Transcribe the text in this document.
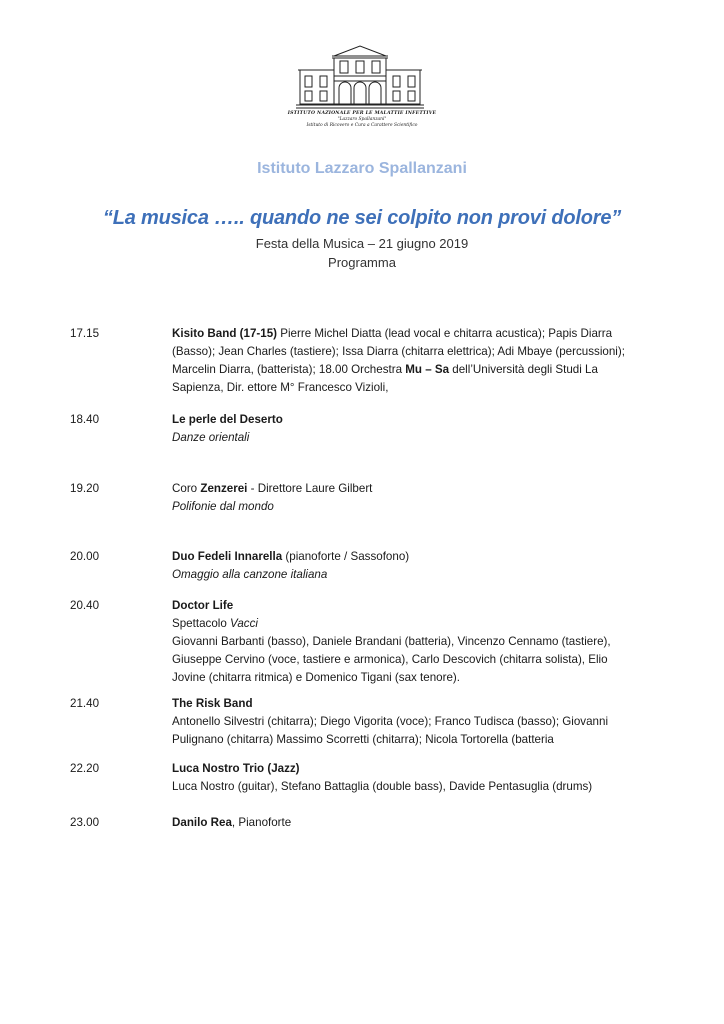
ISTITUTO NAZIONALE PER LE MALATTIE INFETTIVE
"Lazzaro Spallanzani"
Istituto di Ricovero e Cura a Carattere Scientifico
Istituto Lazzaro Spallanzani
“La musica ….. quando ne sei colpito non provi dolore”
Festa della Musica – 21 giugno 2019
Programma
17.15	Kisito Band (17-15) Pierre Michel Diatta (lead vocal e chitarra acustica); Papis Diarra
(Basso); Jean Charles (tastiere); Issa Diarra (chitarra elettrica); Adi Mbaye (percussioni);
Marcelin Diarra, (batterista); 18.00 Orchestra Mu – Sa dell’Università degli Studi La
Sapienza, Dir. ettore M° Francesco Vizioli,
18.40	Le perle del Deserto
Danze orientali
19.20	Coro Zenzerei - Direttore Laure Gilbert
Polifonie dal mondo
20.00	Duo Fedeli Innarella (pianoforte / Sassofono)
Omaggio alla canzone italiana
20.40	Doctor Life
Spettacolo Vacci
Giovanni Barbanti (basso), Daniele Brandani (batteria), Vincenzo Cennamo (tastiere),
Giuseppe Cervino (voce, tastiere e armonica), Carlo Descovich (chitarra solista), Elio
Jovine (chitarra ritmica) e Domenico Tigani (sax tenore).
21.40	The Risk Band
Antonello Silvestri (chitarra); Diego Vigorita (voce); Franco Tudisca (basso); Giovanni
Pulignano (chitarra) Massimo Scorretti (chitarra); Nicola Tortorella (batteria
22.20	Luca Nostro Trio (Jazz)
Luca Nostro (guitar), Stefano Battaglia (double bass), Davide Pentasuglia (drums)
23.00	Danilo Rea, Pianoforte
